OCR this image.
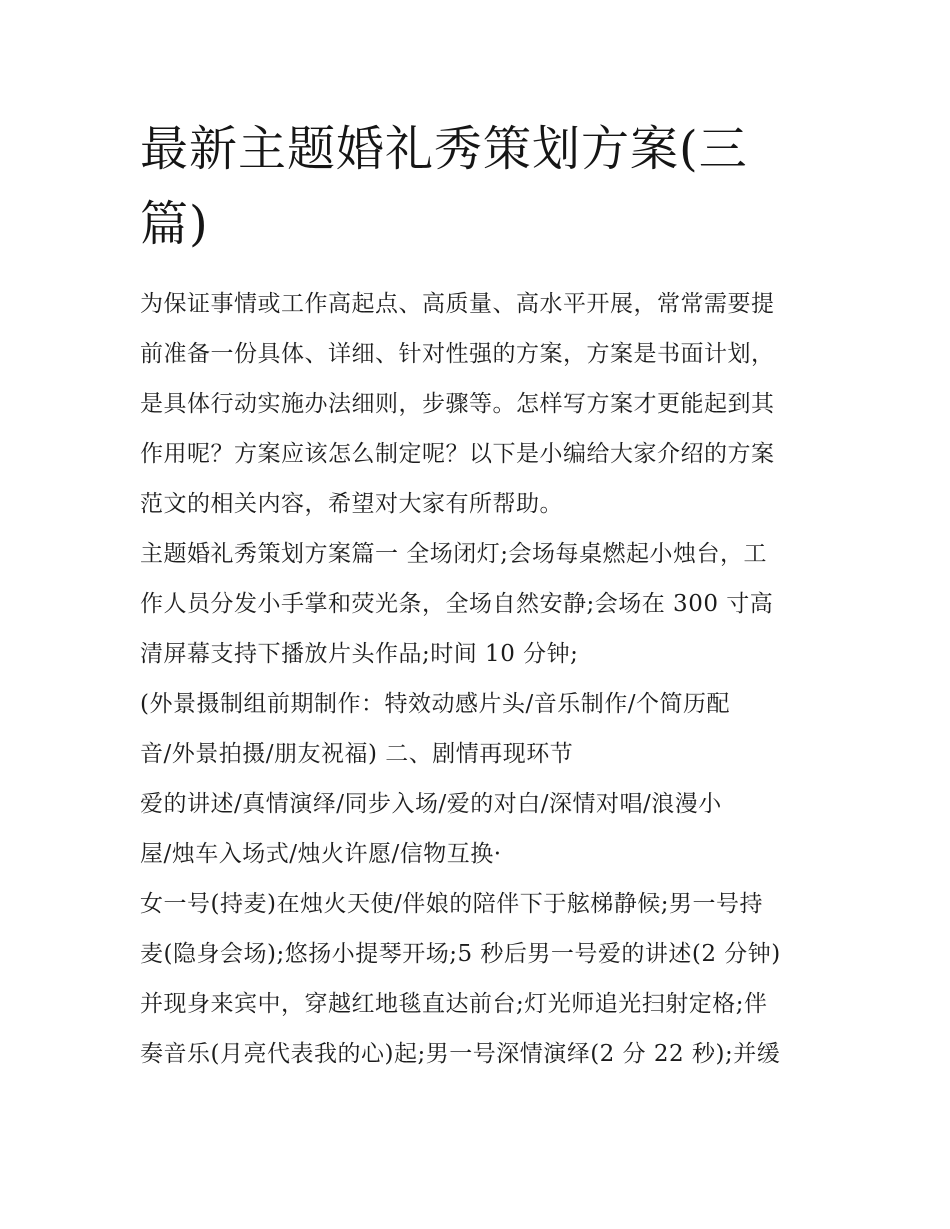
最新主题婚礼秀策划方案(三
篇)
为保证事情或工作高起点、高质量、高水平开展，常常需要提
前准备一份具体、详细、针对性强的方案，方案是书面计划，
是具体行动实施办法细则，步骤等。怎样写方案才更能起到其
作用呢？方案应该怎么制定呢？以下是小编给大家介绍的方案
范文的相关内容，希望对大家有所帮助。
主题婚礼秀策划方案篇一 全场闭灯;会场每桌燃起小烛台，工
作人员分发小手掌和荧光条，全场自然安静;会场在 300 寸高
清屏幕支持下播放片头作品;时间 10 分钟;
(外景摄制组前期制作：特效动感片头/音乐制作/个简历配
音/外景拍摄/朋友祝福) 二、剧情再现环节
爱的讲述/真情演绎/同步入场/爱的对白/深情对唱/浪漫小
屋/烛车入场式/烛火许愿/信物互换·
女一号(持麦)在烛火天使/伴娘的陪伴下于舷梯静候;男一号持
麦(隐身会场);悠扬小提琴开场;5 秒后男一号爱的讲述(2 分钟)
并现身来宾中，穿越红地毯直达前台;灯光师追光扫射定格;伴
奏音乐(月亮代表我的心)起;男一号深情演绎(2 分 22 秒);并缓
